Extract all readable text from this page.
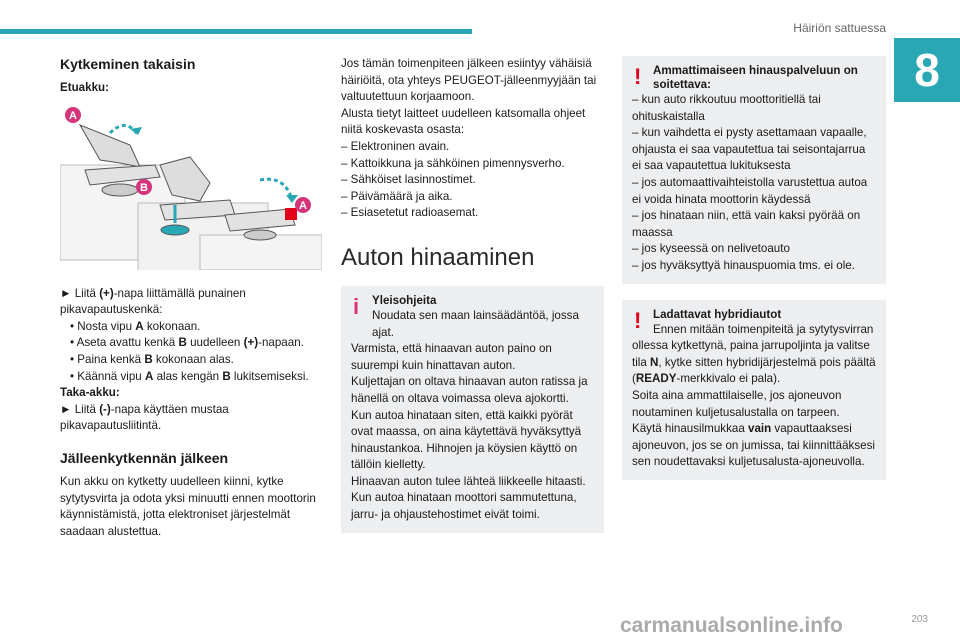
Häiriön sattuessa
8
Kytkeminen takaisin

Etuakku:

A
B
A

► Liitä (+)-napa liittämällä punainen pikavapautuskenkä:

• Nosta vipu A kokonaan.

• Aseta avattu kenkä B uudelleen (+)-napaan.

• Paina kenkä B kokonaan alas.

• Käännä vipu A alas kengän B lukitsemiseksi.

Taka-akku:

► Liitä (-)-napa käyttäen mustaa pikavapautusliitintä.

Jälleenkytkennän jälkeen

Kun akku on kytketty uudelleen kiinni, kytke sytytysvirta ja odota yksi minuutti ennen moottorin käynnistämistä, jotta elektroniset järjestelmät saadaan alustettua.

Jos tämän toimenpiteen jälkeen esiintyy vähäisiä häiriöitä, ota yhteys PEUGEOT-jälleenmyyjään tai valtuutettuun korjaamoon.

Alusta tietyt laitteet uudelleen katsomalla ohjeet niitä koskevasta osasta:

– Elektroninen avain.

– Kattoikkuna ja sähköinen pimennysverho.

– Sähköiset lasinnostimet.

– Päivämäärä ja aika.

– Esiasetetut radioasemat.

Auton hinaaminen
i	Yleisohjeita

Noudata sen maan lainsäädäntöä, jossa ajat.

Varmista, että hinaavan auton paino on suurempi kuin hinattavan auton.

Kuljettajan on oltava hinaavan auton ratissa ja hänellä on oltava voimassa oleva ajokortti.

Kun autoa hinataan siten, että kaikki pyörät ovat maassa, on aina käytettävä hyväksyttyä hinaustankoa. Hihnojen ja köysien käyttö on tällöin kielletty.

Hinaavan auton tulee lähteä liikkeelle hitaasti.

Kun autoa hinataan moottori sammutettuna, jarru- ja ohjaustehostimet eivät toimi.

!	Ammattimaiseen hinauspalveluun on soitettava:

– kun auto rikkoutuu moottoritiellä tai ohituskaistalla

– kun vaihdetta ei pysty asettamaan vapaalle, ohjausta ei saa vapautettua tai seisontajarrua ei saa vapautettua lukituksesta

– jos automaattivaihteistolla varustettua autoa ei voida hinata moottorin käydessä

– jos hinataan niin, että vain kaksi pyörää on maassa

– jos kyseessä on nelivetoauto

– jos hyväksyttyä hinauspuomia tms. ei ole.

!	Ladattavat hybridiautot

Ennen mitään toimenpiteitä ja sytytysvirran ollessa kytkettynä, paina jarrupoljinta ja valitse tila N, kytke sitten hybridijärjestelmä pois päältä (READY-merkkivalo ei pala).

Soita aina ammattilaiselle, jos ajoneuvon noutaminen kuljetusalustalla on tarpeen.

Käytä hinausilmukkaa vain vapauttaaksesi ajoneuvon, jos se on jumissa, tai kiinnittääksesi sen noudettavaksi kuljetusalusta-ajoneuvolla.

203
carmanualsonline.info
